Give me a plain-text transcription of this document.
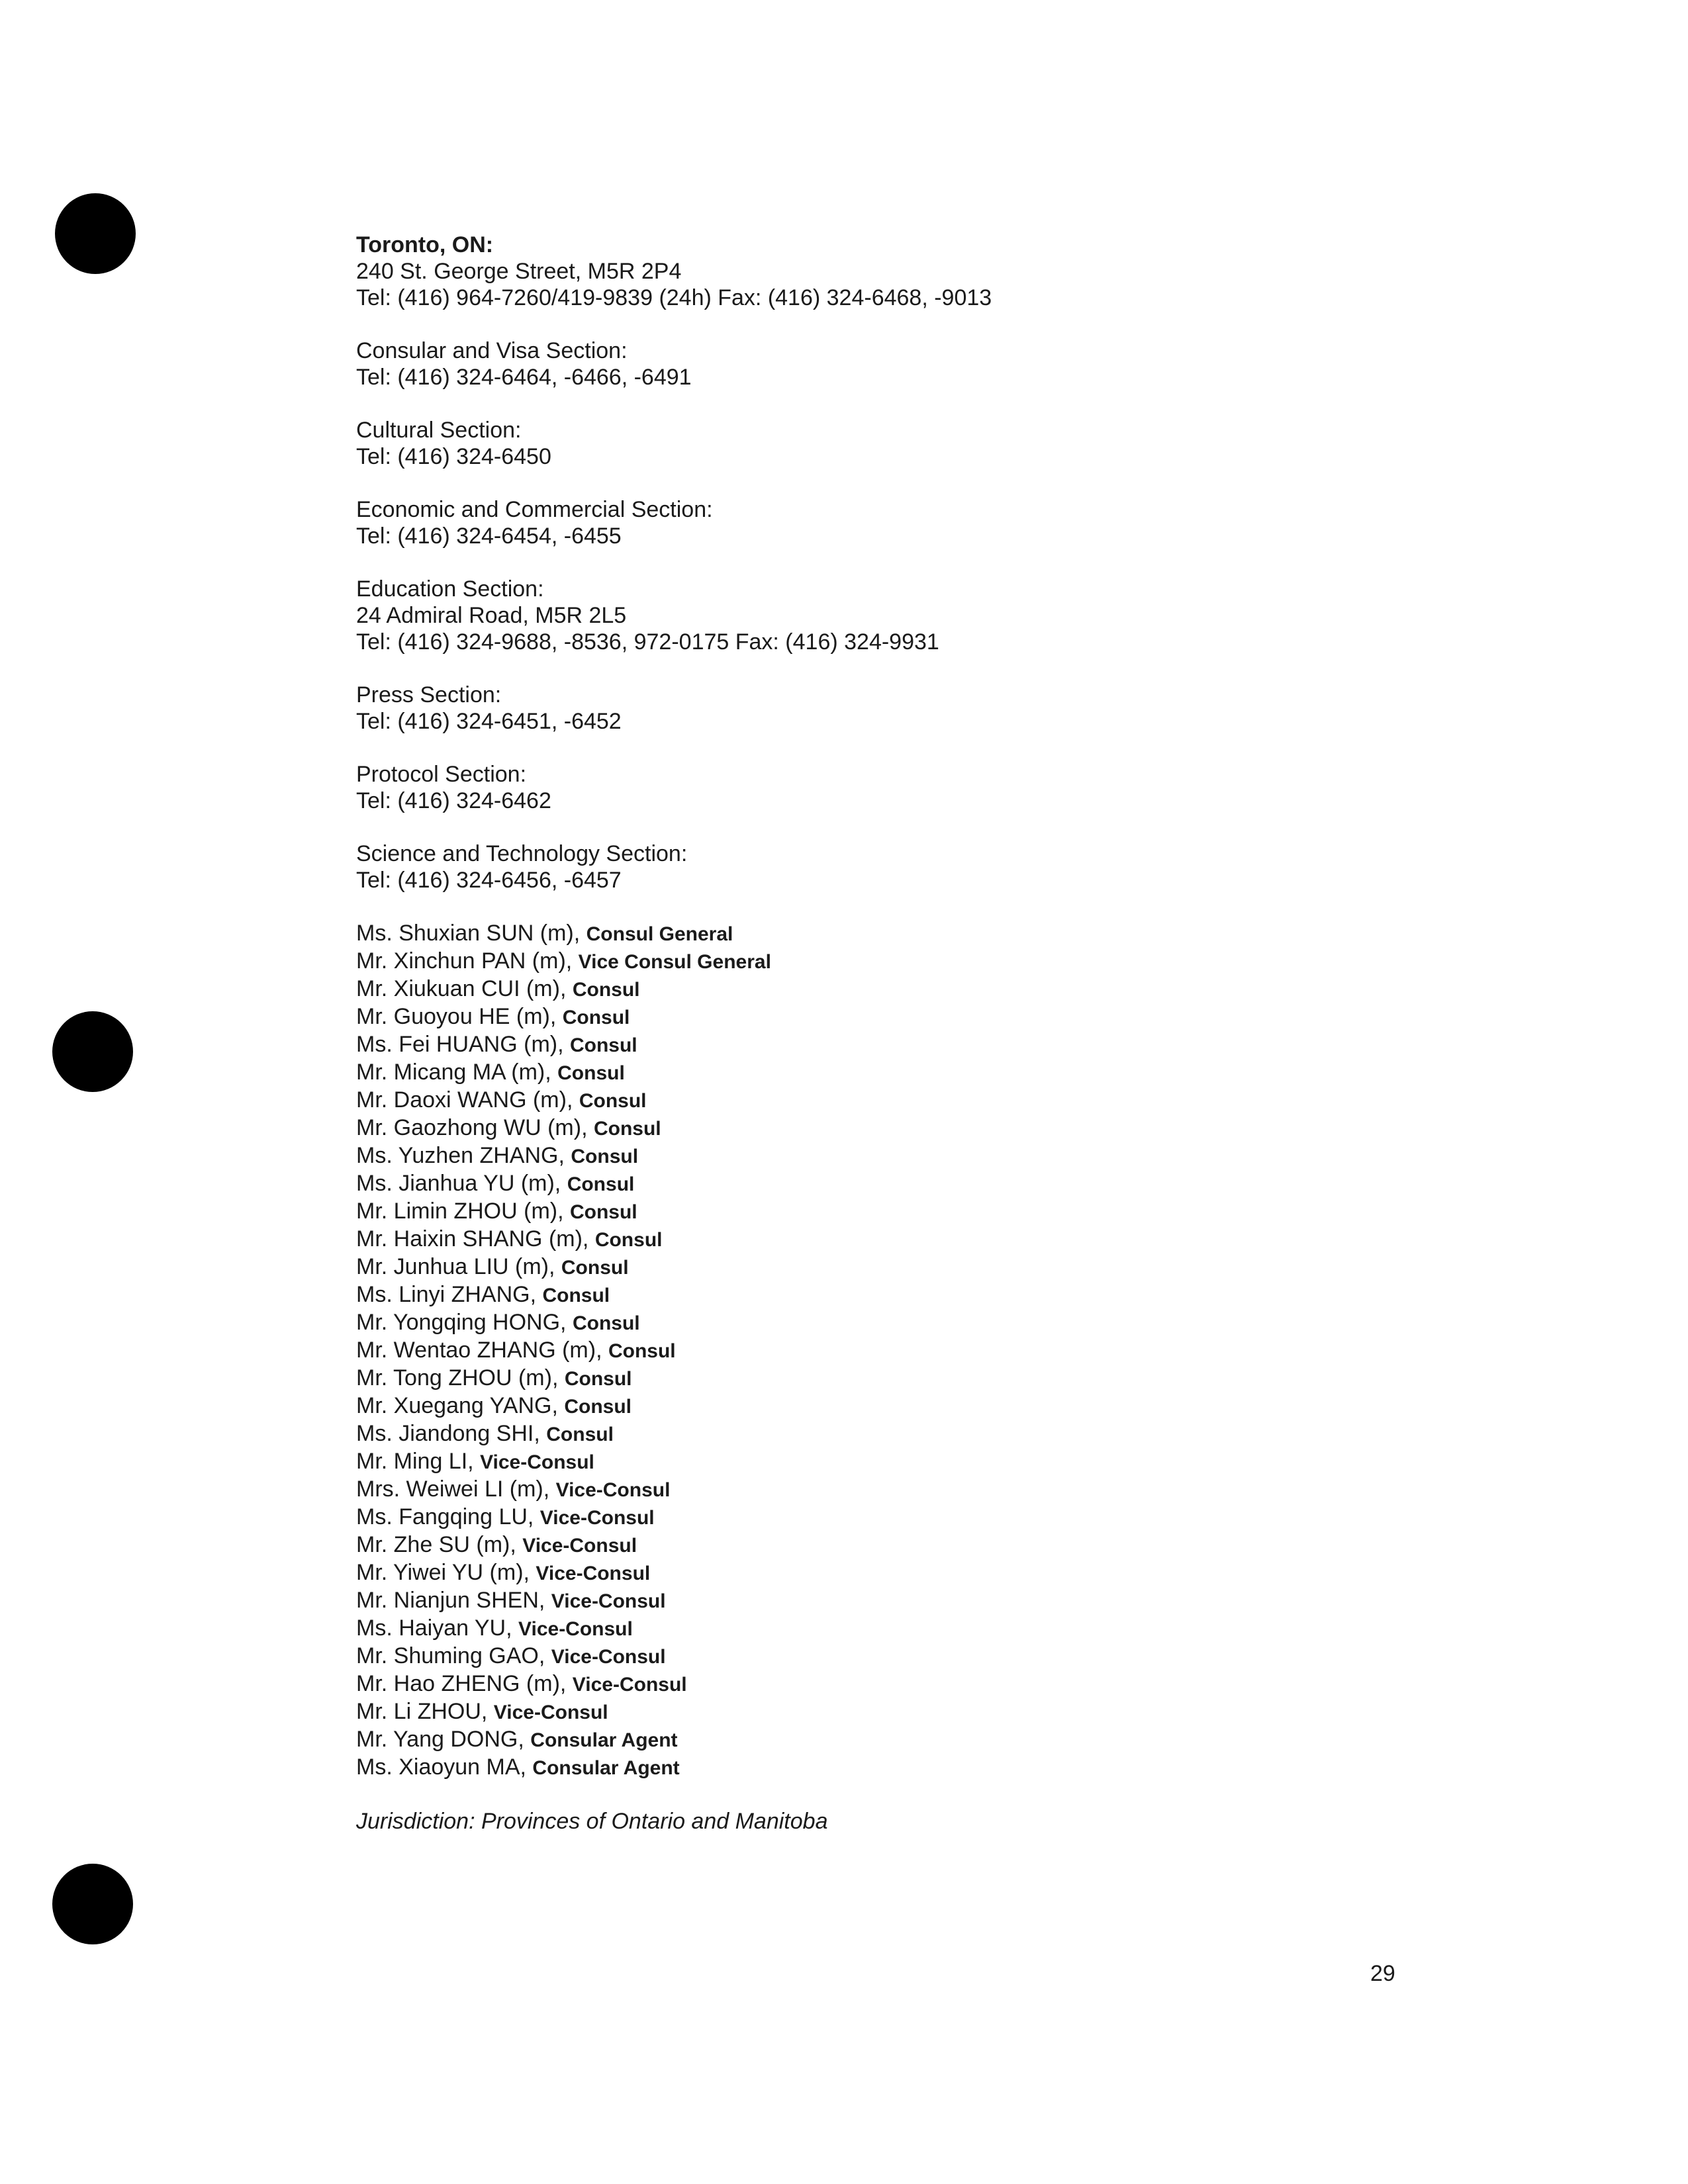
Toronto, ON:
240 St. George Street, M5R 2P4
Tel: (416) 964-7260/419-9839 (24h) Fax: (416) 324-6468, -9013
Consular and Visa Section:
Tel: (416) 324-6464, -6466, -6491
Cultural Section:
Tel: (416) 324-6450
Economic and Commercial Section:
Tel: (416) 324-6454, -6455
Education Section:
24 Admiral Road, M5R 2L5
Tel: (416) 324-9688, -8536, 972-0175 Fax: (416) 324-9931
Press Section:
Tel: (416) 324-6451, -6452
Protocol Section:
Tel: (416) 324-6462
Science and Technology Section:
Tel: (416) 324-6456, -6457
Ms. Shuxian SUN (m), Consul General
Mr. Xinchun PAN (m), Vice Consul General
Mr. Xiukuan CUI (m), Consul
Mr. Guoyou HE (m), Consul
Ms. Fei HUANG (m), Consul
Mr. Micang MA (m), Consul
Mr. Daoxi WANG (m), Consul
Mr. Gaozhong WU (m), Consul
Ms. Yuzhen ZHANG, Consul
Ms. Jianhua YU (m), Consul
Mr. Limin ZHOU (m), Consul
Mr. Haixin SHANG (m), Consul
Mr. Junhua LIU (m), Consul
Ms. Linyi ZHANG, Consul
Mr. Yongqing HONG, Consul
Mr. Wentao ZHANG (m), Consul
Mr. Tong ZHOU (m), Consul
Mr. Xuegang YANG, Consul
Ms. Jiandong SHI, Consul
Mr. Ming LI, Vice-Consul
Mrs. Weiwei LI (m), Vice-Consul
Ms. Fangqing LU, Vice-Consul
Mr. Zhe SU (m), Vice-Consul
Mr. Yiwei YU (m), Vice-Consul
Mr. Nianjun SHEN, Vice-Consul
Ms. Haiyan YU, Vice-Consul
Mr. Shuming GAO, Vice-Consul
Mr. Hao ZHENG (m), Vice-Consul
Mr. Li ZHOU, Vice-Consul
Mr. Yang DONG, Consular Agent
Ms. Xiaoyun MA, Consular Agent
Jurisdiction: Provinces of Ontario and Manitoba
29
